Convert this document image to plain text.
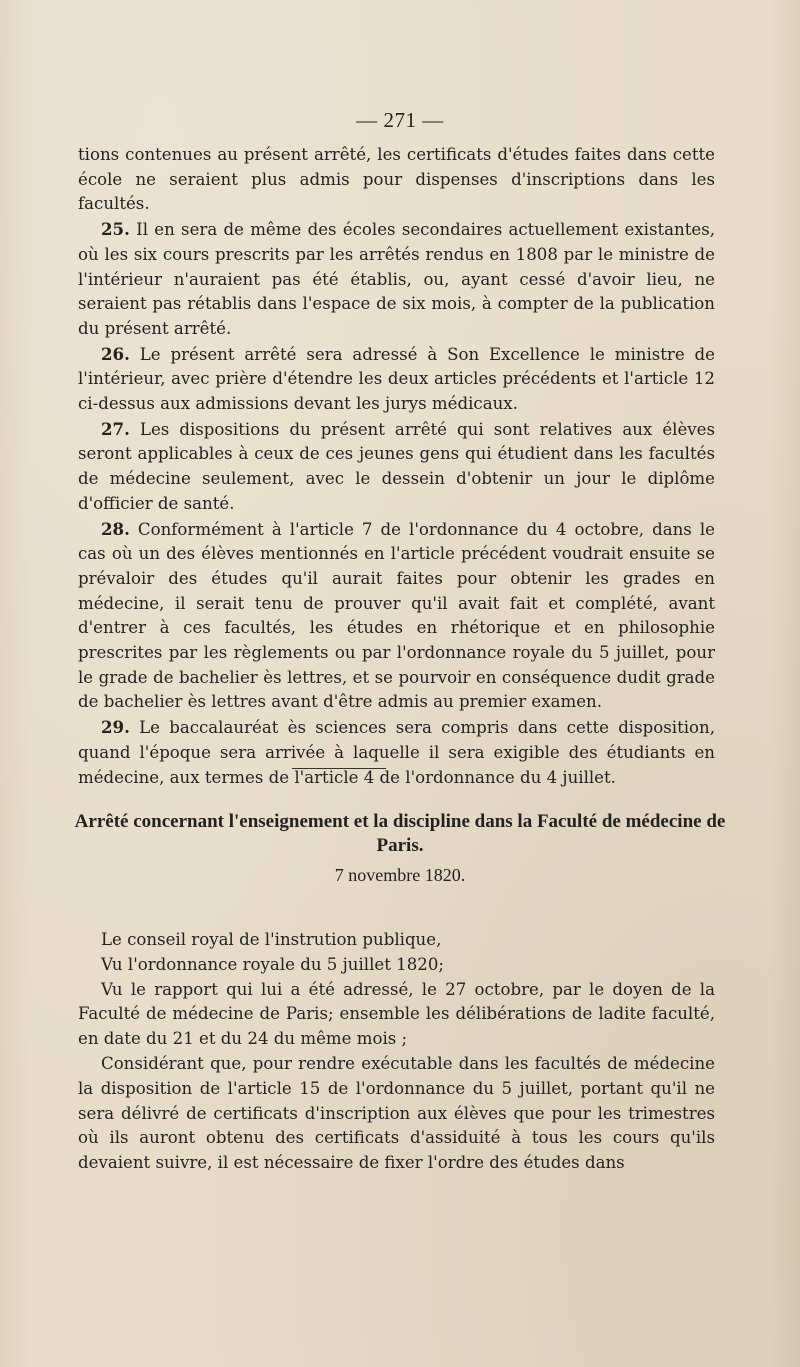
— 271 —

tions contenues au présent arrêté, les certificats d'études faites dans cette école ne seraient plus admis pour dispenses d'inscriptions dans les facultés.

25. Il en sera de même des écoles secondaires actuellement existantes, où les six cours prescrits par les arrêtés rendus en 1808 par le ministre de l'intérieur n'auraient pas été établis, ou, ayant cessé d'avoir lieu, ne seraient pas rétablis dans l'espace de six mois, à compter de la publication du présent arrêté.

26. Le présent arrêté sera adressé à Son Excellence le ministre de l'intérieur, avec prière d'étendre les deux articles précédents et l'article 12 ci-dessus aux admissions devant les jurys médicaux.

27. Les dispositions du présent arrêté qui sont relatives aux élèves seront applicables à ceux de ces jeunes gens qui étudient dans les facultés de médecine seulement, avec le dessein d'obtenir un jour le diplôme d'officier de santé.

28. Conformément à l'article 7 de l'ordonnance du 4 octobre, dans le cas où un des élèves mentionnés en l'article précédent voudrait ensuite se prévaloir des études qu'il aurait faites pour obtenir les grades en médecine, il serait tenu de prouver qu'il avait fait et complété, avant d'entrer à ces facultés, les études en rhétorique et en philosophie prescrites par les règlements ou par l'ordonnance royale du 5 juillet, pour le grade de bachelier ès lettres, et se pourvoir en conséquence dudit grade de bachelier ès lettres avant d'être admis au premier examen.

29. Le baccalauréat ès sciences sera compris dans cette disposition, quand l'époque sera arrivée à laquelle il sera exigible des étudiants en médecine, aux termes de l'article 4 de l'ordonnance du 4 juillet.

Arrêté concernant l'enseignement et la discipline dans la Faculté de médecine de Paris.
7 novembre 1820.

Le conseil royal de l'instrution publique,

Vu l'ordonnance royale du 5 juillet 1820;

Vu le rapport qui lui a été adressé, le 27 octobre, par le doyen de la Faculté de médecine de Paris; ensemble les délibérations de ladite faculté, en date du 21 et du 24 du même mois ;

Considérant que, pour rendre exécutable dans les facultés de médecine la disposition de l'article 15 de l'ordonnance du 5 juillet, portant qu'il ne sera délivré de certificats d'inscription aux élèves que pour les trimestres où ils auront obtenu des certificats d'assiduité à tous les cours qu'ils devaient suivre, il est nécessaire de fixer l'ordre des études dans
